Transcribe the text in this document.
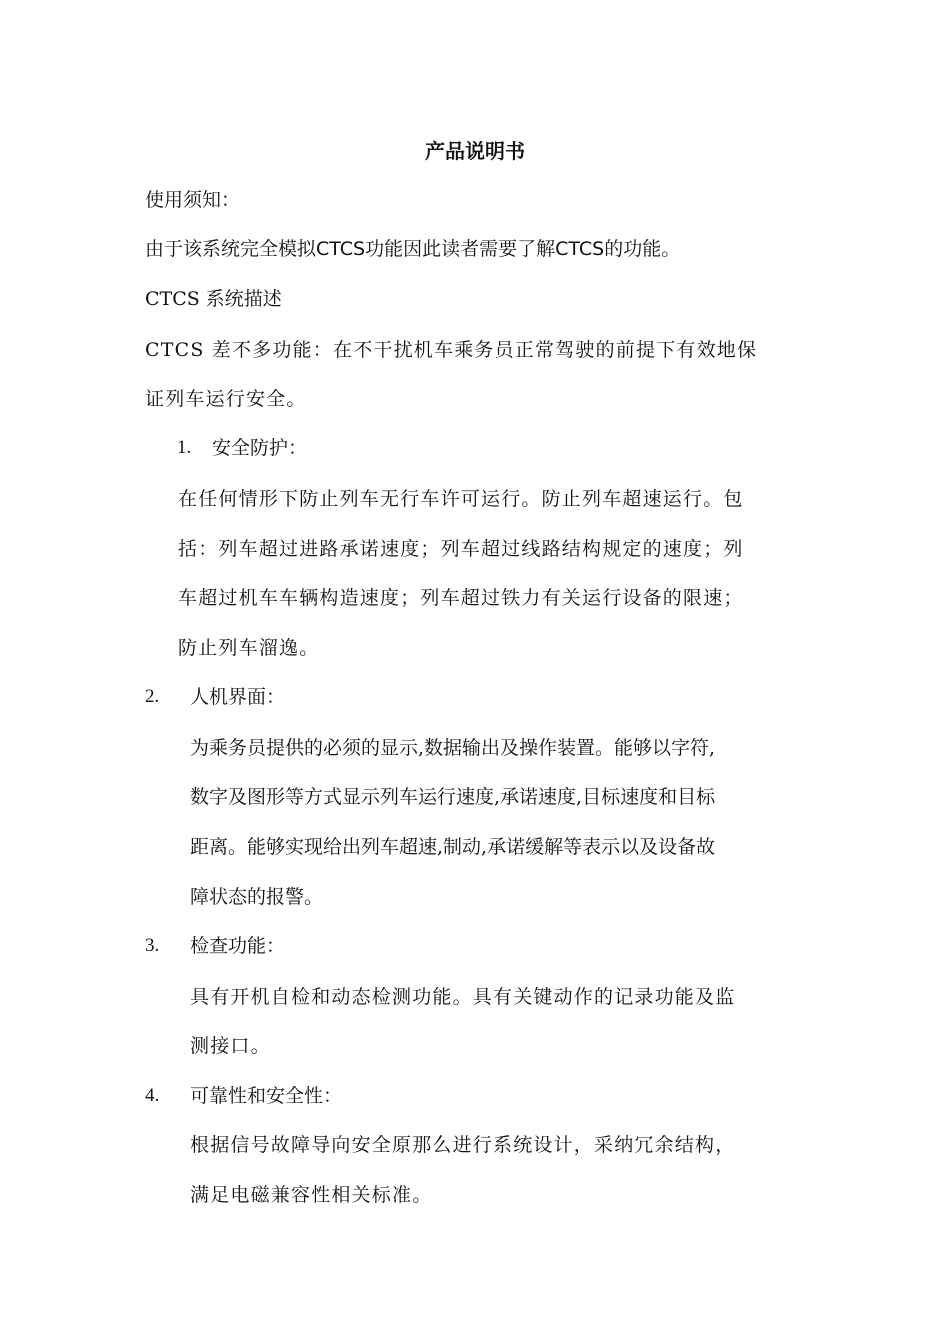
产品说明书
使用须知：
由于该系统完全模拟CTCS功能因此读者需要了解CTCS的功能。
CTCS 系统描述
CTCS 差不多功能：在不干扰机车乘务员正常驾驶的前提下有效地保
证列车运行安全。
1. 安全防护：
在任何情形下防止列车无行车许可运行。防止列车超速运行。包
括：列车超过进路承诺速度；列车超过线路结构规定的速度；列
车超过机车车辆构造速度；列车超过铁力有关运行设备的限速；
防止列车溜逸。
2. 人机界面：
为乘务员提供的必须的显示,数据输出及操作装置。能够以字符,
数字及图形等方式显示列车运行速度,承诺速度,目标速度和目标
距离。能够实现给出列车超速,制动,承诺缓解等表示以及设备故
障状态的报警。
3. 检查功能：
具有开机自检和动态检测功能。具有关键动作的记录功能及监
测接口。
4. 可靠性和安全性：
根据信号故障导向安全原那么进行系统设计，采纳冗余结构，
满足电磁兼容性相关标准。
